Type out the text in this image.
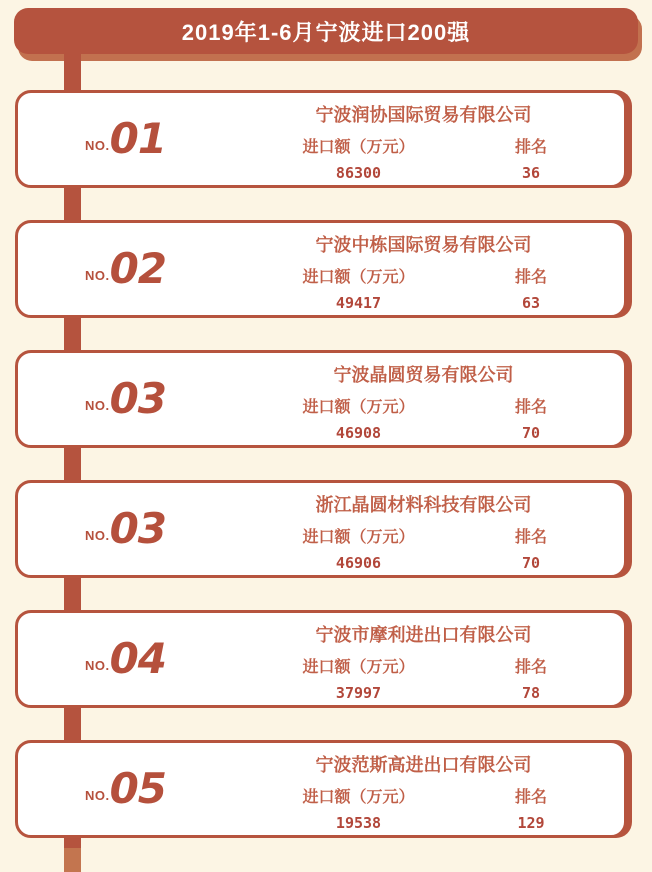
2019年1-6月宁波进口200强
NO. 01	宁波润协国际贸易有限公司
进口额（万元）
86300
排名
36
NO. 02	宁波中栋国际贸易有限公司
进口额（万元）
49417
排名
63
NO. 03	宁波晶圆贸易有限公司
进口额（万元）
46908
排名
70
NO. 03	浙江晶圆材料科技有限公司
进口额（万元）
46906
排名
70
NO. 04	宁波市摩利进出口有限公司
进口额（万元）
37997
排名
78
NO. 05	宁波范斯高进出口有限公司
进口额（万元）
19538
排名
129
